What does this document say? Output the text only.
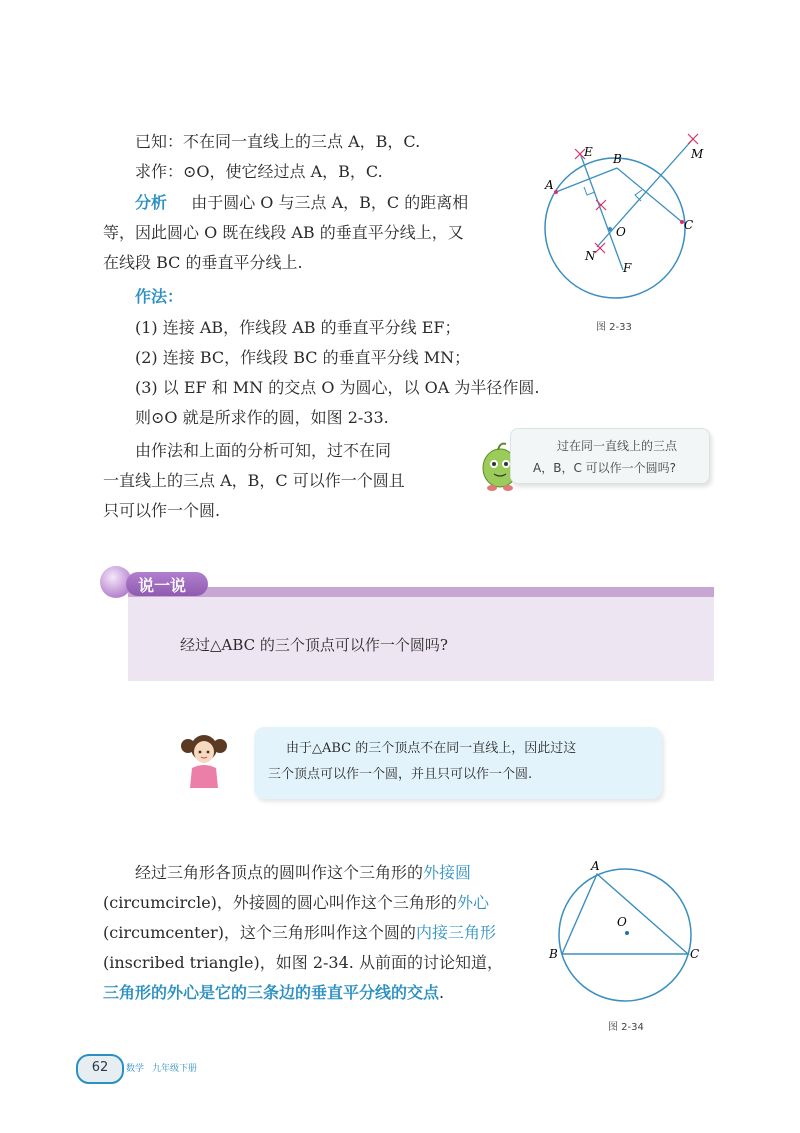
已知：不在同一直线上的三点 A，B，C.
求作：⊙O，使它经过点 A，B，C.
分析 由于圆心 O 与三点 A，B，C 的距离相
等，因此圆心 O 既在线段 AB 的垂直平分线上，又
在线段 BC 的垂直平分线上.
作法：
(1) 连接 AB，作线段 AB 的垂直平分线 EF；
(2) 连接 BC，作线段 BC 的垂直平分线 MN；
(3) 以 EF 和 MN 的交点 O 为圆心，以 OA 为半径作圆.
则⊙O 就是所求作的圆，如图 2-33.
由作法和上面的分析可知，过不在同
一直线上的三点 A，B，C 可以作一个圆且
只可以作一个圆.
E B	M
A
C
O
N
F
图 2-33
过在同一直线上的三点
A，B，C 可以作一个圆吗?
说一说
经过△ABC 的三个顶点可以作一个圆吗?
由于△ABC 的三个顶点不在同一直线上，因此过这
三个顶点可以作一个圆，并且只可以作一个圆.
经过三角形各顶点的圆叫作这个三角形的外接圆
(circumcircle)，外接圆的圆心叫作这个三角形的外心
(circumcenter)，这个三角形叫作这个圆的内接三角形
(inscribed triangle)，如图 2-34. 从前面的讨论知道，
三角形的外心是它的三条边的垂直平分线的交点.
A
B	C
O
图 2-34
62	数学 九年级下册
